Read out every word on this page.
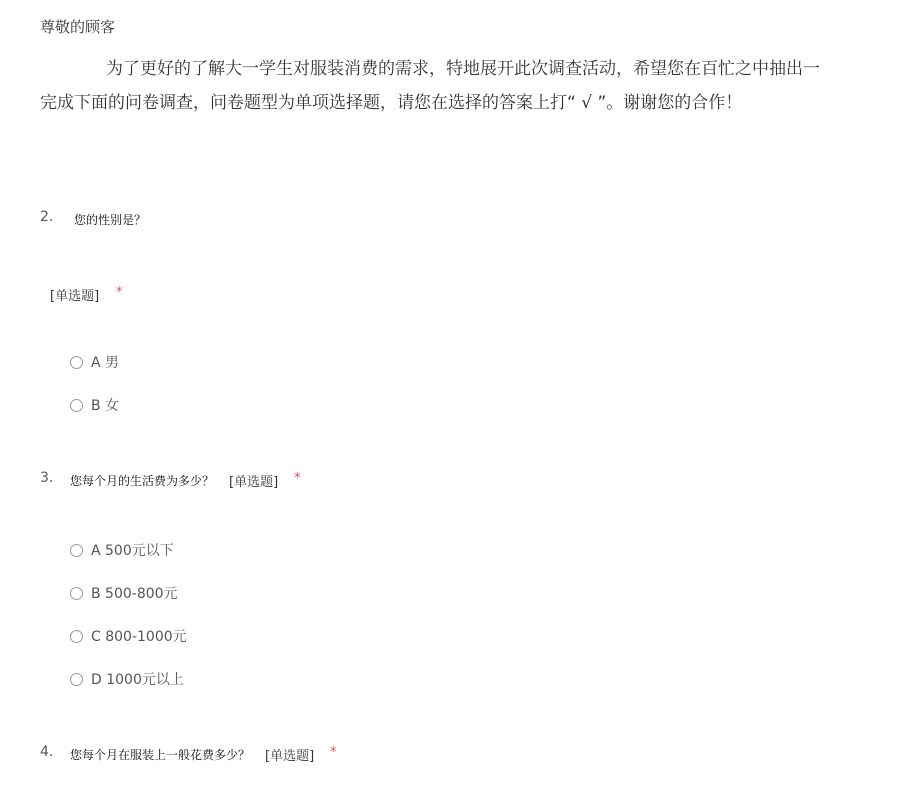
尊敬的顾客
为了更好的了解大一学生对服装消费的需求，特地展开此次调查活动，希望您在百忙之中抽出一
完成下面的问卷调查，问卷题型为单项选择题，请您在选择的答案上打“ √ ”。谢谢您的合作！
2. 您的性别是？
[单选题] *
A 男
B 女
3. 您每个月的生活费为多少？ [单选题] *
A 500元以下
B 500-800元
C 800-1000元
D 1000元以上
4. 您每个月在服装上一般花费多少？ [单选题] *
